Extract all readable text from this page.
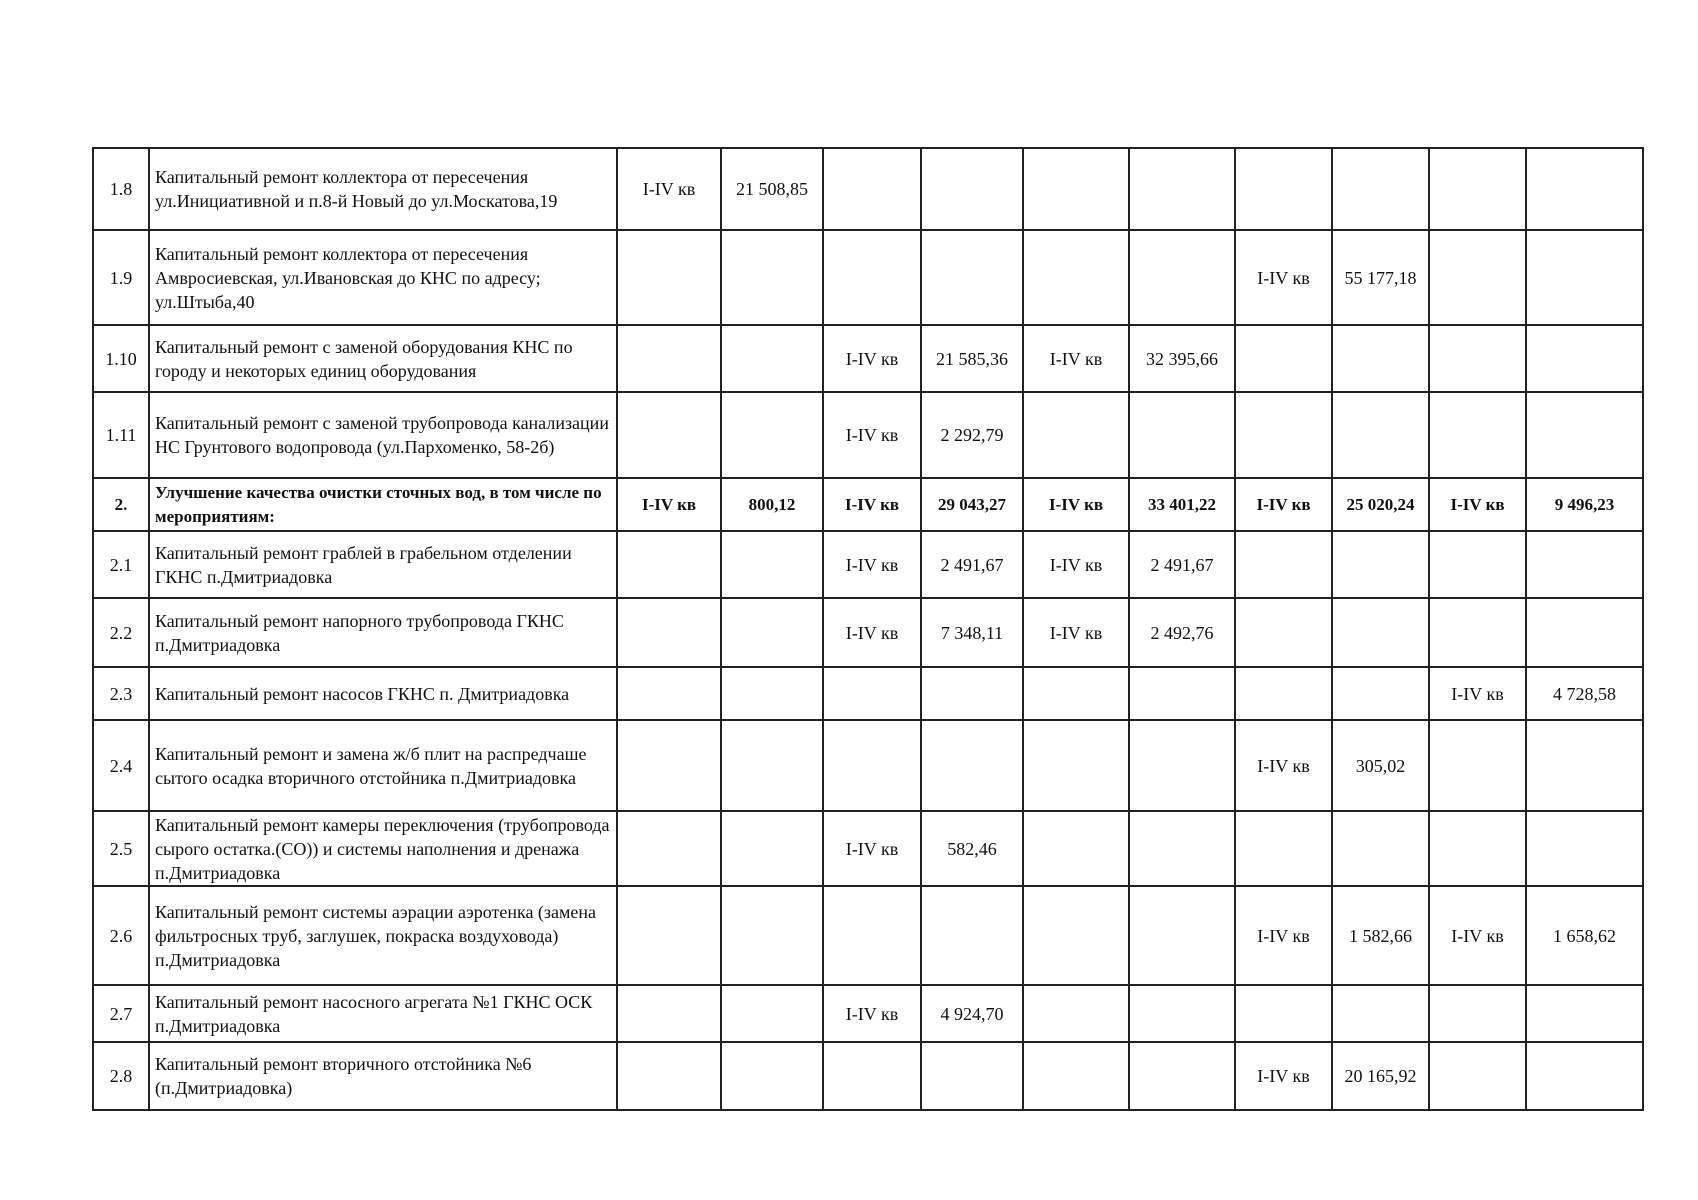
1.8	Капитальный ремонт коллектора от пересечения ул.Инициативной и п.8-й Новый до ул.Москатова,19	I-IV кв	21 508,85								
1.9	Капитальный ремонт коллектора от пересечения Амвросиевская, ул.Ивановская до КНС по адресу; ул.Штыба,40							I-IV кв	55 177,18		
1.10	Капитальный ремонт с заменой оборудования КНС по городу и некоторых единиц оборудования			I-IV кв	21 585,36	I-IV кв	32 395,66				
1.11	Капитальный ремонт с заменой трубопровода канализации НС Грунтового водопровода (ул.Пархоменко, 58-2б)			I-IV кв	2 292,79						
2.	Улучшение качества очистки сточных вод, в том числе по мероприятиям:	I-IV кв	800,12	I-IV кв	29 043,27	I-IV кв	33 401,22	I-IV кв	25 020,24	I-IV кв	9 496,23
2.1	Капитальный ремонт граблей в грабельном отделении ГКНС п.Дмитриадовка			I-IV кв	2 491,67	I-IV кв	2 491,67				
2.2	Капитальный ремонт напорного трубопровода ГКНС п.Дмитриадовка			I-IV кв	7 348,11	I-IV кв	2 492,76				
2.3	Капитальный ремонт насосов ГКНС п. Дмитриадовка									I-IV кв	4 728,58
2.4	Капитальный ремонт и замена ж/б плит на распредчаше сытого осадка вторичного отстойника п.Дмитриадовка							I-IV кв	305,02		
2.5	Капитальный ремонт камеры переключения (трубопровода сырого остатка.(СО)) и системы наполнения и дренажа п.Дмитриадовка			I-IV кв	582,46						
2.6	Капитальный ремонт системы аэрации аэротенка (замена фильтросных труб, заглушек, покраска воздуховода) п.Дмитриадовка							I-IV кв	1 582,66	I-IV кв	1 658,62
2.7	Капитальный ремонт насосного агрегата №1 ГКНС ОСК п.Дмитриадовка			I-IV кв	4 924,70						
2.8	Капитальный ремонт вторичного отстойника №6 (п.Дмитриадовка)							I-IV кв	20 165,92		
